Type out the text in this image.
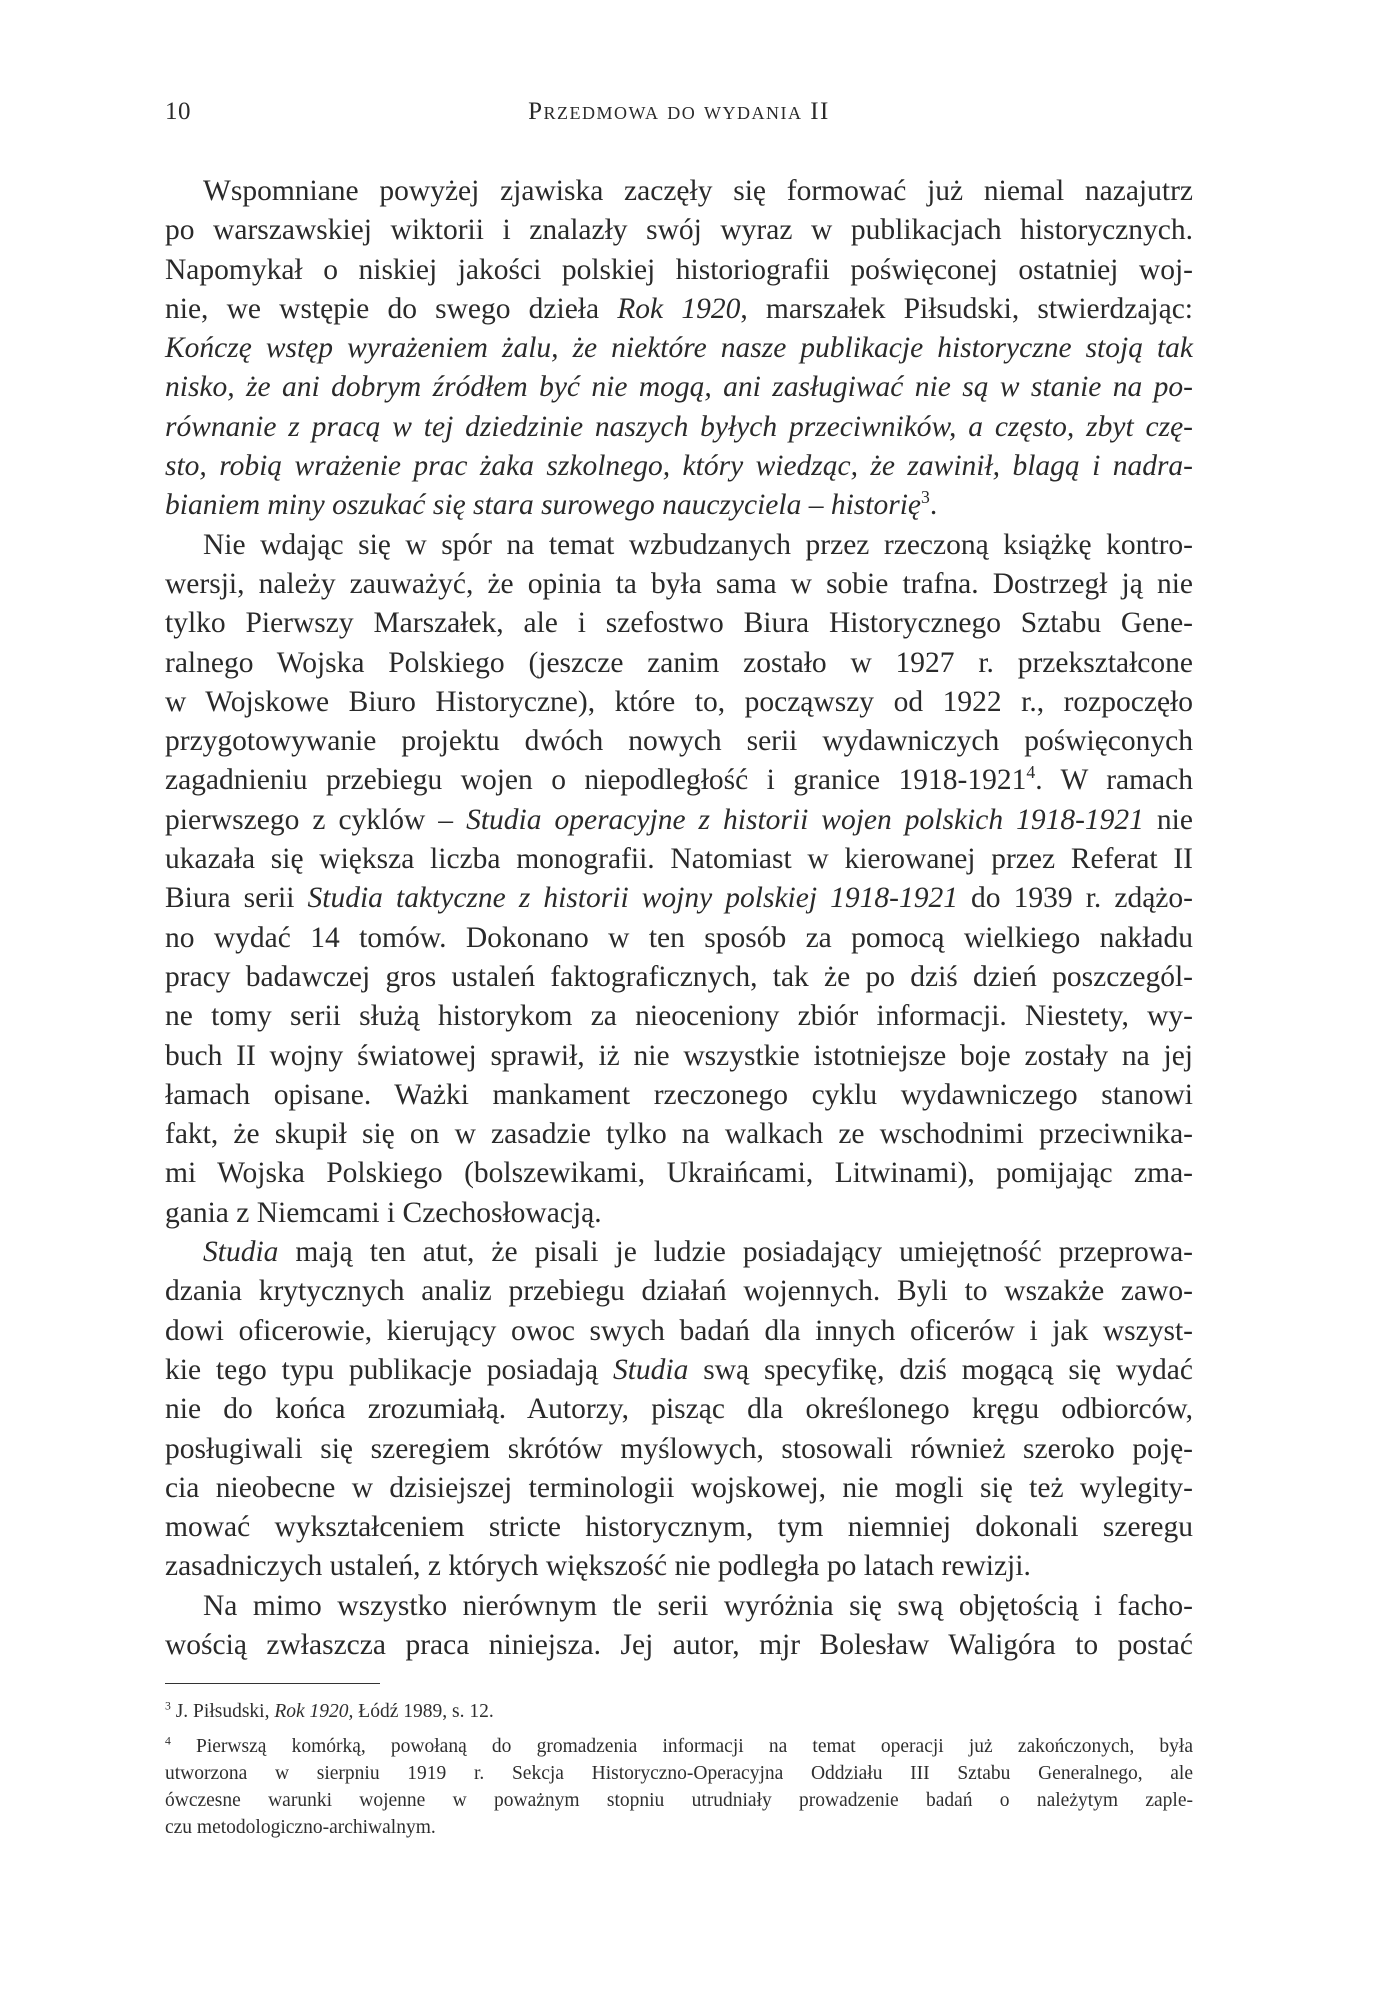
10	Przedmowa do wydania II
Wspomniane powyżej zjawiska zaczęły się formować już niemal nazajutrz
po warszawskiej wiktorii i znalazły swój wyraz w publikacjach historycznych.
Napomykał o niskiej jakości polskiej historiografii poświęconej ostatniej woj-
nie, we wstępie do swego dzieła Rok 1920, marszałek Piłsudski, stwierdzając:
Kończę wstęp wyrażeniem żalu, że niektóre nasze publikacje historyczne stoją tak
nisko, że ani dobrym źródłem być nie mogą, ani zasługiwać nie są w stanie na po-
równanie z pracą w tej dziedzinie naszych byłych przeciwników, a często, zbyt czę-
sto, robią wrażenie prac żaka szkolnego, który wiedząc, że zawinił, blagą i nadra-
bianiem miny oszukać się stara surowego nauczyciela – historię$^3$.
Nie wdając się w spór na temat wzbudzanych przez rzeczoną książkę kontro-
wersji, należy zauważyć, że opinia ta była sama w sobie trafna. Dostrzegł ją nie
tylko Pierwszy Marszałek, ale i szefostwo Biura Historycznego Sztabu Gene-
ralnego Wojska Polskiego (jeszcze zanim zostało w 1927 r. przekształcone
w Wojskowe Biuro Historyczne), które to, począwszy od 1922 r., rozpoczęło
przygotowywanie projektu dwóch nowych serii wydawniczych poświęconych
zagadnieniu przebiegu wojen o niepodległość i granice 1918-1921$^4$. W ramach
pierwszego z cyklów – Studia operacyjne z historii wojen polskich 1918-1921 nie
ukazała się większa liczba monografii. Natomiast w kierowanej przez Referat II
Biura serii Studia taktyczne z historii wojny polskiej 1918-1921 do 1939 r. zdążo-
no wydać 14 tomów. Dokonano w ten sposób za pomocą wielkiego nakładu
pracy badawczej gros ustaleń faktograficznych, tak że po dziś dzień poszczegól-
ne tomy serii służą historykom za nieoceniony zbiór informacji. Niestety, wy-
buch II wojny światowej sprawił, iż nie wszystkie istotniejsze boje zostały na jej
łamach opisane. Ważki mankament rzeczonego cyklu wydawniczego stanowi
fakt, że skupił się on w zasadzie tylko na walkach ze wschodnimi przeciwnika-
mi Wojska Polskiego (bolszewikami, Ukraińcami, Litwinami), pomijając zma-
gania z Niemcami i Czechosłowacją.
Studia mają ten atut, że pisali je ludzie posiadający umiejętność przeprowa-
dzania krytycznych analiz przebiegu działań wojennych. Byli to wszakże zawo-
dowi oficerowie, kierujący owoc swych badań dla innych oficerów i jak wszyst-
kie tego typu publikacje posiadają Studia swą specyfikę, dziś mogącą się wydać
nie do końca zrozumiałą. Autorzy, pisząc dla określonego kręgu odbiorców,
posługiwali się szeregiem skrótów myślowych, stosowali również szeroko poję-
cia nieobecne w dzisiejszej terminologii wojskowej, nie mogli się też wylegity-
mować wykształceniem stricte historycznym, tym niemniej dokonali szeregu
zasadniczych ustaleń, z których większość nie podległa po latach rewizji.
Na mimo wszystko nierównym tle serii wyróżnia się swą objętością i facho-
wością zwłaszcza praca niniejsza. Jej autor, mjr Bolesław Waligóra to postać
$^3$ J. Piłsudski, Rok 1920, Łódź 1989, s. 12.
$^4$ Pierwszą komórką, powołaną do gromadzenia informacji na temat operacji już zakończonych, była
utworzona w sierpniu 1919 r. Sekcja Historyczno-Operacyjna Oddziału III Sztabu Generalnego, ale
ówczesne warunki wojenne w poważnym stopniu utrudniały prowadzenie badań o należytym zaple-
czu metodologiczno-archiwalnym.
